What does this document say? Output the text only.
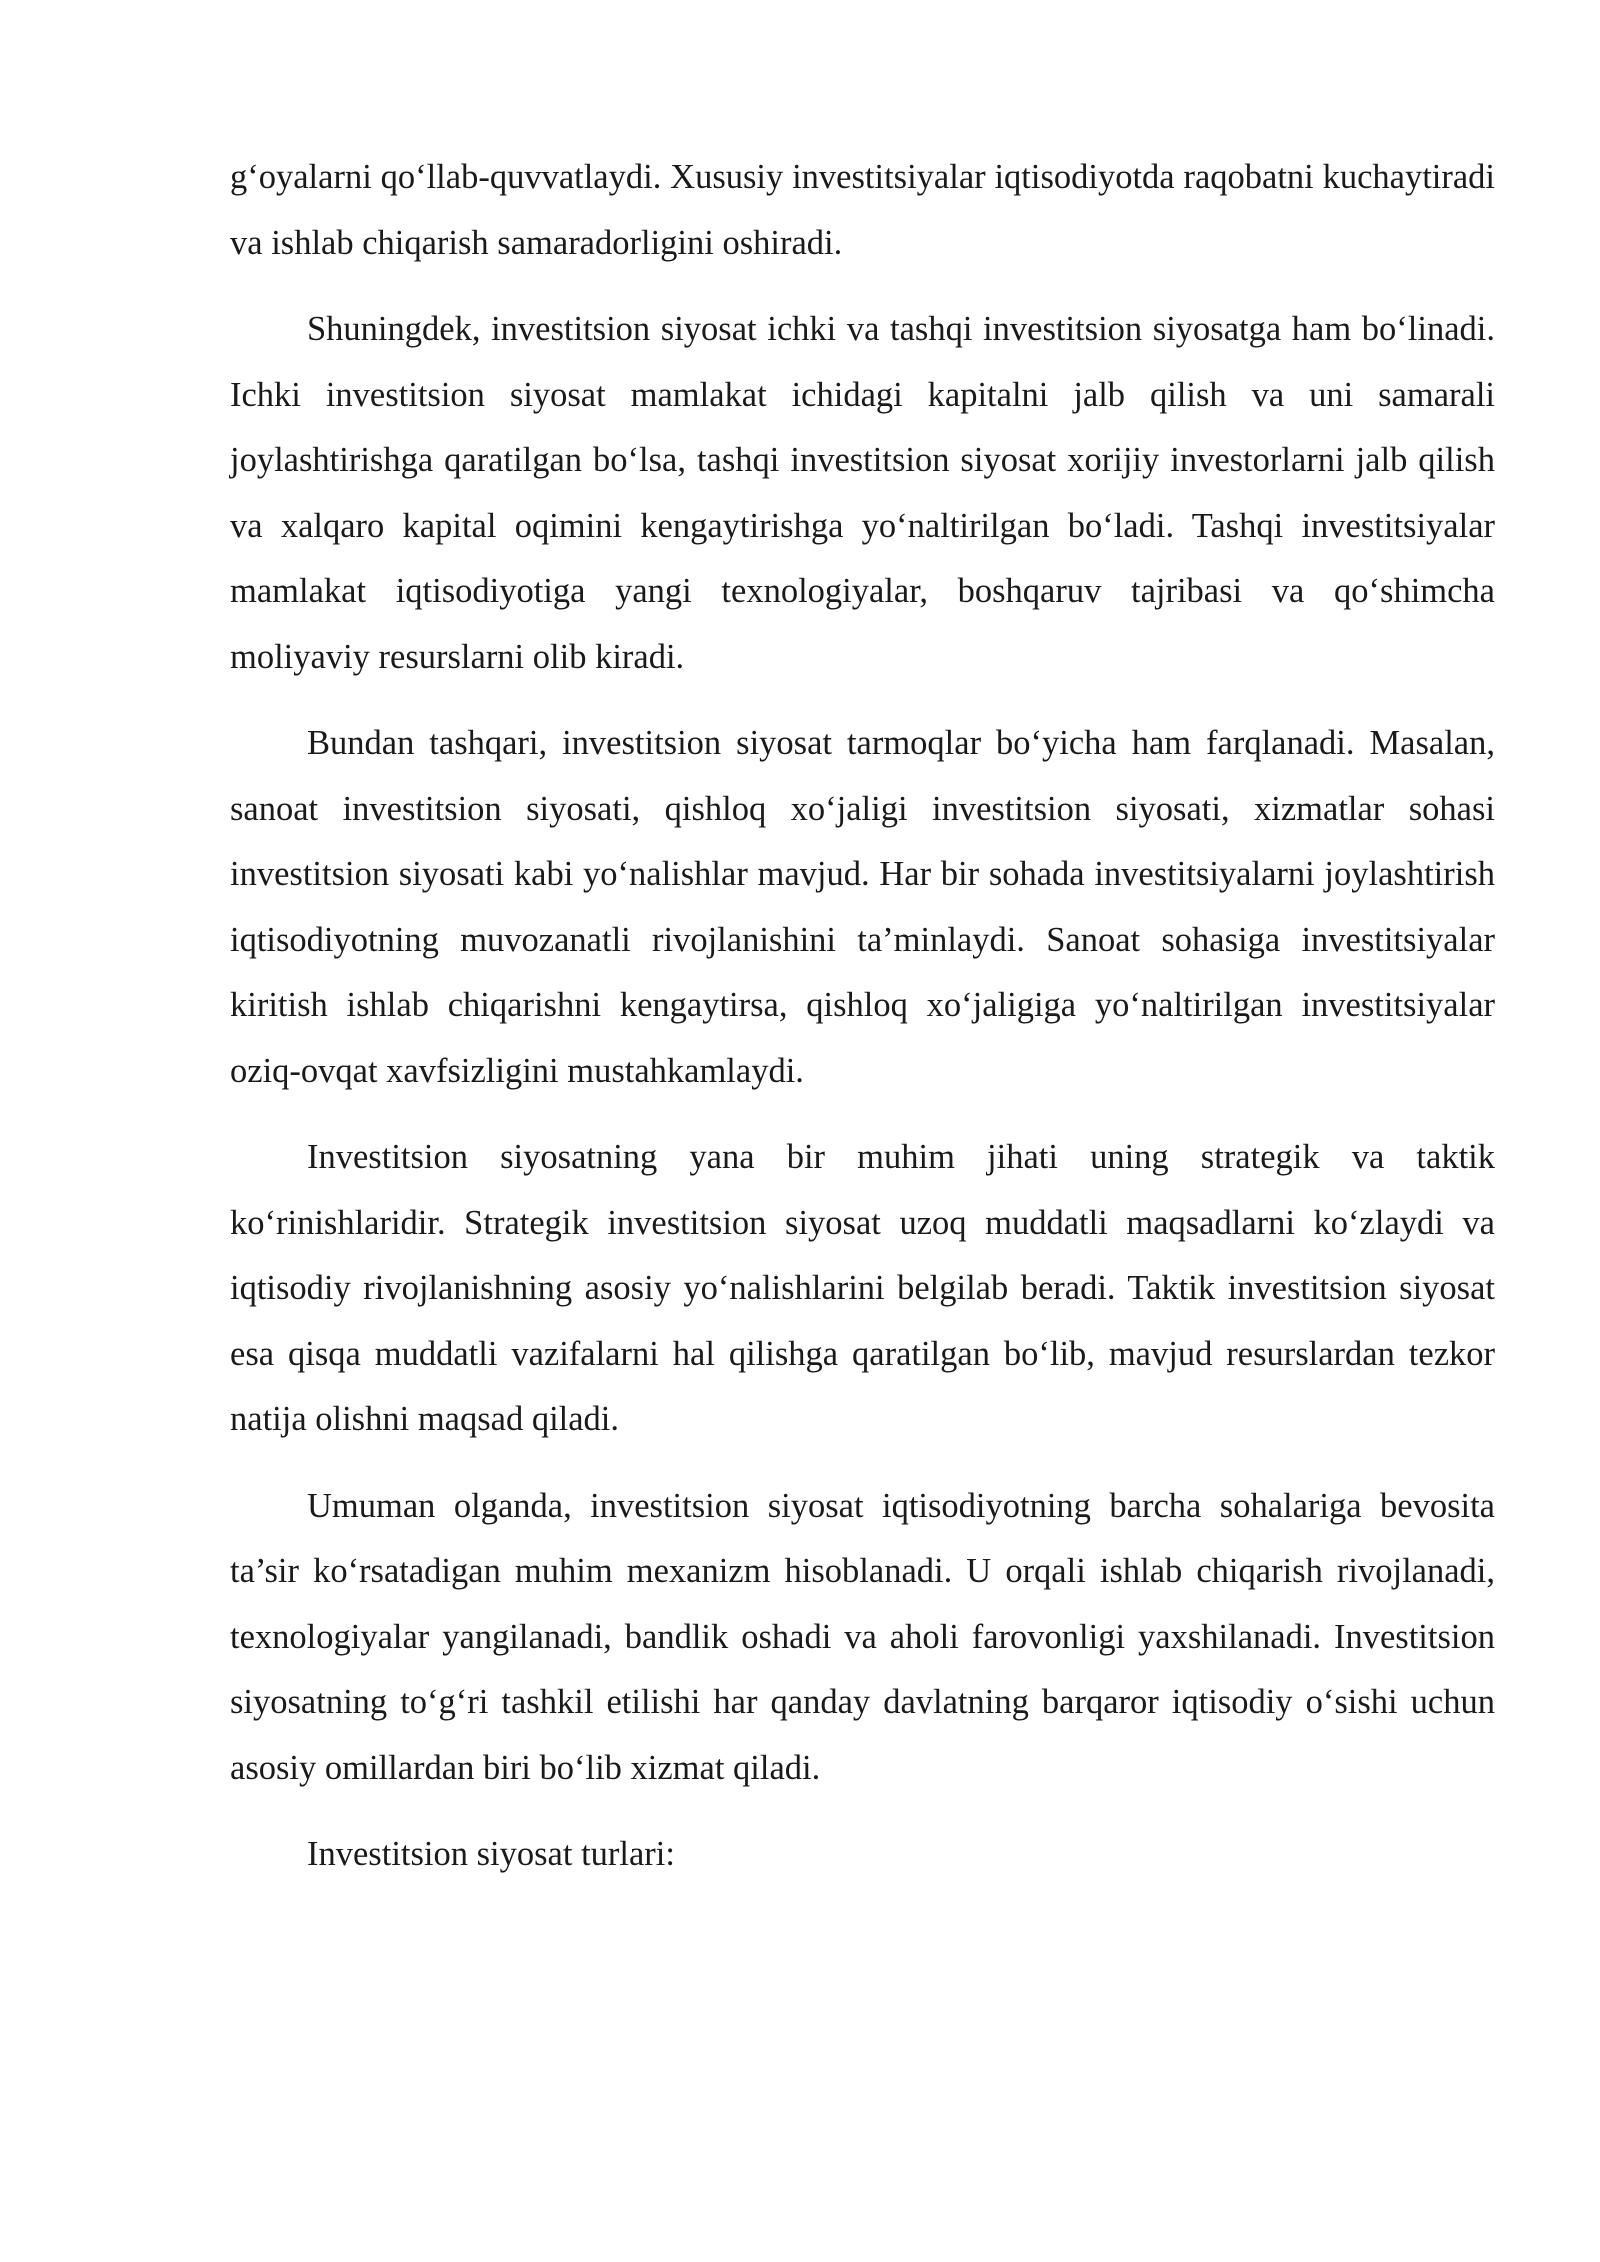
g‘oyalarni qo‘llab-quvvatlaydi. Xususiy investitsiyalar iqtisodiyotda raqobatni kuchaytiradi va ishlab chiqarish samaradorligini oshiradi.

Shuningdek, investitsion siyosat ichki va tashqi investitsion siyosatga ham bo‘linadi. Ichki investitsion siyosat mamlakat ichidagi kapitalni jalb qilish va uni samarali joylashtirishga qaratilgan bo‘lsa, tashqi investitsion siyosat xorijiy investorlarni jalb qilish va xalqaro kapital oqimini kengaytirishga yo‘naltirilgan bo‘ladi. Tashqi investitsiyalar mamlakat iqtisodiyotiga yangi texnologiyalar, boshqaruv tajribasi va qo‘shimcha moliyaviy resurslarni olib kiradi.

Bundan tashqari, investitsion siyosat tarmoqlar bo‘yicha ham farqlanadi. Masalan, sanoat investitsion siyosati, qishloq xo‘jaligi investitsion siyosati, xizmatlar sohasi investitsion siyosati kabi yo‘nalishlar mavjud. Har bir sohada investitsiyalarni joylashtirish iqtisodiyotning muvozanatli rivojlanishini ta’minlaydi. Sanoat sohasiga investitsiyalar kiritish ishlab chiqarishni kengaytirsa, qishloq xo‘jaligiga yo‘naltirilgan investitsiyalar oziq-ovqat xavfsizligini mustahkamlaydi.

Investitsion siyosatning yana bir muhim jihati uning strategik va taktik ko‘rinishlaridir. Strategik investitsion siyosat uzoq muddatli maqsadlarni ko‘zlaydi va iqtisodiy rivojlanishning asosiy yo‘nalishlarini belgilab beradi. Taktik investitsion siyosat esa qisqa muddatli vazifalarni hal qilishga qaratilgan bo‘lib, mavjud resurslardan tezkor natija olishni maqsad qiladi.

Umuman olganda, investitsion siyosat iqtisodiyotning barcha sohalariga bevosita ta’sir ko‘rsatadigan muhim mexanizm hisoblanadi. U orqali ishlab chiqarish rivojlanadi, texnologiyalar yangilanadi, bandlik oshadi va aholi farovonligi yaxshilanadi. Investitsion siyosatning to‘g‘ri tashkil etilishi har qanday davlatning barqaror iqtisodiy o‘sishi uchun asosiy omillardan biri bo‘lib xizmat qiladi.

Investitsion siyosat turlari:
